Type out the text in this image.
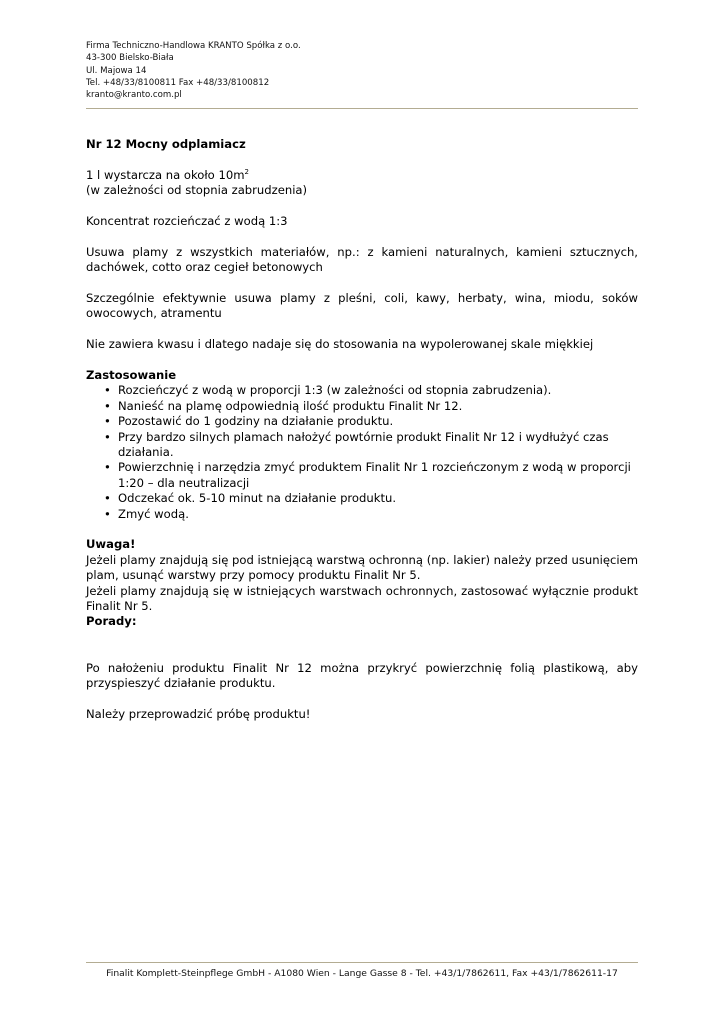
Firma Techniczno-Handlowa KRANTO Spółka z o.o.
43-300 Bielsko-Biała
Ul. Majowa 14
Tel. +48/33/8100811 Fax +48/33/8100812
kranto@kranto.com.pl

Nr 12 Mocny odplamiacz

1 l wystarcza na około $10m^2$

(w zależności od stopnia zabrudzenia)

Koncentrat rozcieńczać z wodą 1:3

Usuwa plamy z wszystkich materiałów, np.: z kamieni naturalnych, kamieni sztucznych, dachówek, cotto oraz cegieł betonowych

Szczególnie efektywnie usuwa plamy z pleśni, coli, kawy, herbaty, wina, miodu, soków owocowych, atramentu

Nie zawiera kwasu i dlatego nadaje się do stosowania na wypolerowanej skale miękkiej

Zastosowanie

• Rozcieńczyć z wodą w proporcji 1:3 (w zależności od stopnia zabrudzenia).
• Nanieść na plamę odpowiednią ilość produktu Finalit Nr 12.
• Pozostawić do 1 godziny na działanie produktu.
• Przy bardzo silnych plamach nałożyć powtórnie produkt Finalit Nr 12 i wydłużyć czas działania.
• Powierzchnię i narzędzia zmyć produktem Finalit Nr 1 rozcieńczonym z wodą w proporcji 1:20 – dla neutralizacji
• Odczekać ok. 5-10 minut na działanie produktu.
• Zmyć wodą.

Uwaga!

Jeżeli plamy znajdują się pod istniejącą warstwą ochronną (np. lakier) należy przed usunięciem plam, usunąć warstwy przy pomocy produktu Finalit Nr 5.

Jeżeli plamy znajdują się w istniejących warstwach ochronnych, zastosować wyłącznie produkt Finalit Nr 5.

Porady:

Po nałożeniu produktu Finalit Nr 12 można przykryć powierzchnię folią plastikową, aby przyspieszyć działanie produktu.

Należy przeprowadzić próbę produktu!

Finalit Komplett-Steinpflege GmbH - A1080 Wien - Lange Gasse 8 - Tel. +43/1/7862611, Fax +43/1/7862611-17
